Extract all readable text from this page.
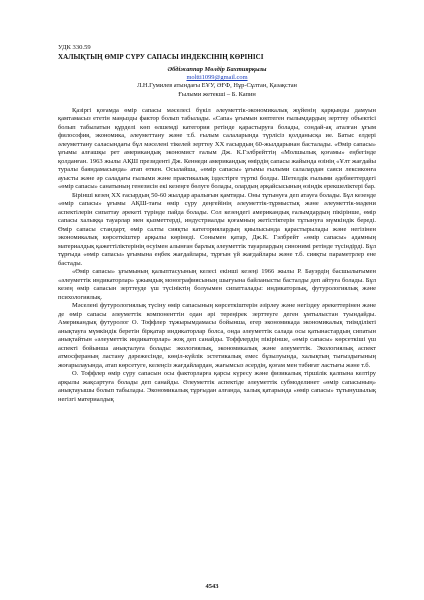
УДК 330.59
ХАЛЫҚТЫҢ ӨМІР СҮРУ САПАСЫ ИНДЕКСІНІҢ КӨРІНІСІ
Әбдіжаппар Мөлдір Бахтиярқызы
moltti1099@gmail.com
Л.Н.Гумилев атындағы ЕҰУ, ӘҒФ, Нұр-Сұлтан, Қазақстан
Ғылыми жетекші – Б. Капин

Қазіргі қоғамда өмір сапасы мәселесі бүкіл әлеуметтік-экономикалық жүйенің қарқынды дамуын қамтамасыз ететін маңызды фактор болып табылады. «Сапа» ұғымын көптеген ғылымдардың зерттеу объектісі болып табылатын құрделі көп өлшемді категория ретінде қарастыруға болады, сондай-ақ аталған ұғым философия, экономика, әлеуметтану және т.б. ғылым салаларында түрлісіз қолданысқа ие. Батыс елдері әлеуметтану саласындағы бұл мәселені тікелей зерттеу ХХ ғасырдың 60-жылдарынан басталады. «Өмір сапасы» ұғымы алғашқы рет американдық экономист ғалым Дж. К.Гэлбрейттің «Молшылық қоғамы» еңбегінде қолданған. 1963 жылы АҚШ президенті Дж. Кеннеди американдық өмірдің сапасы жайында өзінің «Ұлт жағдайы туралы баяндамасында» атап өткен. Осылайша, «өмір сапасы» ұғымы ғылыми салалардан саяси лексиконға ауысты және әр саладағы ғылыми және практикалық іздестірге түрткі болды. Шетелдік ғылыми әдебиеттердегі «өмір сапасы» санатының генезисін екі кезеңге бөлуге болады, олардың әрқайсысының өзіндік ерекшеліктері бар.

Бірінші кезең ХХ ғасырдың 50-60 жылдар аралығын қамтиды. Оны тұтынуға деп атауға болады. Бұл кезеңде «өмір сапасы» ұғымы АҚШ-тағы өмір сүру деңгейінің әлеуметтік-тұрмыстық және әлеуметтік-мәдени аспектілерін сипаттау әрекеті түрінде пайда болады. Сол кезеңдегі американдық ғалымдардың пікірінше, өмір сапасы халыққа тауарлар мен қызметтерді, индустриалды қоғамның жетістіктерін тұтынуға мүмкіндік береді. Өмір сапасы стандарт, өмір салты сияқты категориялардың қиылысында қарастырылады және негізінен экономикалық көрсеткіштер арқылы көрінеді. Сонымен қатар, Дж.К. Гэлбрейт «өмір сапасы» адамның материалдық қажеттіліктерінің өсуімен алынған барлық әлеуметтік тауарлардың синонимі ретінде түсіндірді. Бұл тұрғыда «өмір сапасы» ұғымына еңбек жағдайлары, тұрғын үй жағдайлары және т.б. сияқты параметрлер ене бастады.

«Өмір сапасы» ұғымының қалыптасуының келесі екінші кезеңі 1966 жылы Р. Бауэрдің басшылығымен «әлеуметтік индикаторлар» ұжымдық монографиясының шығуына байланысты басталды деп айтуға болады. Бұл кезең өмір сапасын зерттеуде үш түсініктің болуымен сипатталады: индикаторлық, футурологиялық және психологиялық.

Мәселені футурологиялық түсіну өмір сапасының көрсеткіштерін әзірлеу және негіздеу әрекеттерінен және де өмір сапасы әлеуметтік компоненттін одан әрі тереңірек зерттеуге деген ұмтылыстан туындайды. Американдық футуролог О. Тоффлер тұжырымдамасы бойынша, егер экономикада экономикалық тиімділікті анықтауға мүмкіндік беретін бірқатар индикаторлар болса, онда әлеуметтік салада осы қатынастардың сипатын анықтайтын «әлеуметтік индикаторлар» жоқ деп санайды. Тоффлердің пікірінше, «өмір сапасы» көрсеткіші үш аспекті бойынша анықталуға болады: экологиялық, экономикалық және әлеуметтік. Экологиялық аспект атмосфераның ластану дәрежесінде, көңіл-күйлік эстетикалық емес бұзылуында, халықтың тығыздығының жоғарылауында, атап көрсетуге, келеңсіз жағдайлардан, жағымсыз әсердің, қоғам мен тәбиғат ластығы және т.б.

О. Тоффлер өмір сүру сапасын осы факторларға қарсы күресу және физикалық тіршілік қалпына келтіру арқылы жақсартуға болады деп санайды. Әлеуметтік аспектіде әлеуметтік субмоделинет «өмір сапасының» анықтауышы болып табылады. Экономикалық тұрғыдан алғанда, халық қатарында «өмір сапасы» тұтынушылық негізгі материалдық

4543
